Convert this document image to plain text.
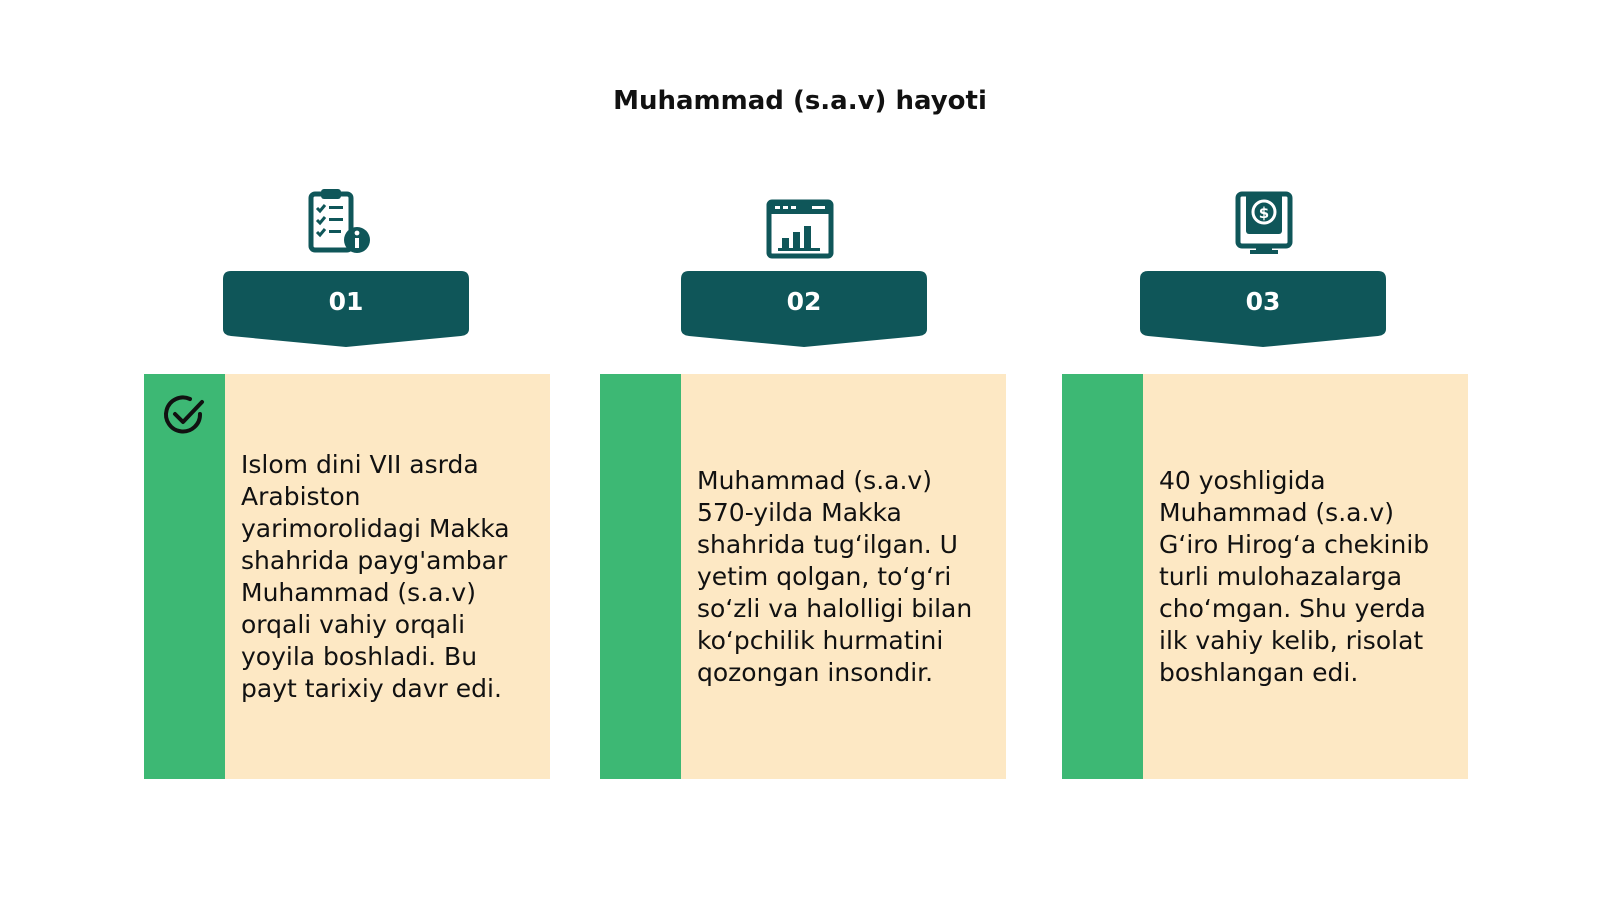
Muhammad (s.a.v) hayoti
$
01	02	03

Islom dini VII asrda Arabiston yarimorolidagi Makka shahrida payg'ambar Muhammad (s.a.v) orqali vahiy orqali yoyila boshladi. Bu payt tarixiy davr edi.

Muhammad (s.a.v) 570-yilda Makka shahrida tug‘ilgan. U yetim qolgan, to‘g‘ri so‘zli va halolligi bilan ko‘pchilik hurmatini qozongan insondir.

40 yoshligida Muhammad (s.a.v) G‘iro Hirog‘a chekinib turli mulohazalarga cho‘mgan. Shu yerda ilk vahiy kelib, risolat boshlangan edi.
